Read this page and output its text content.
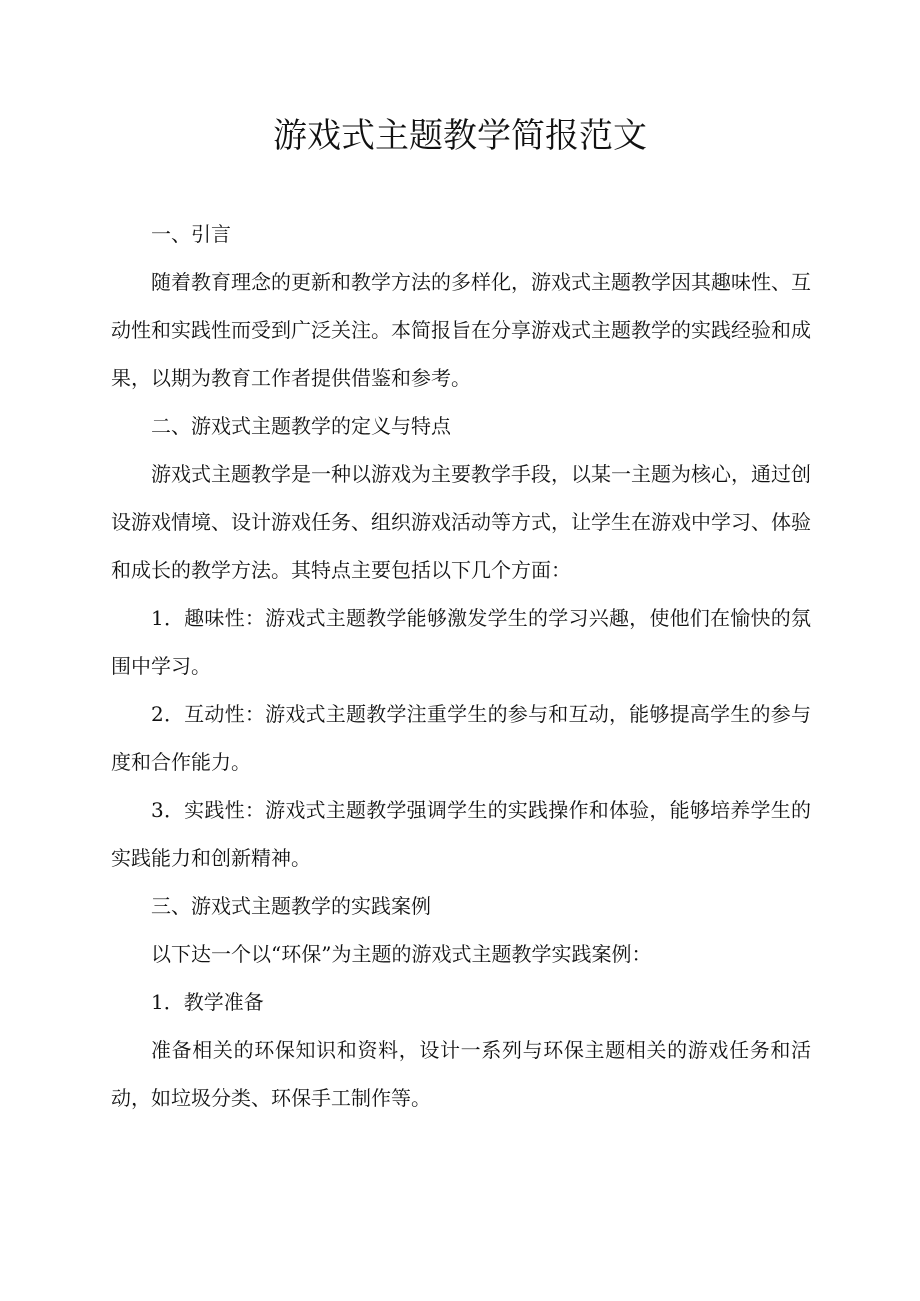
游戏式主题教学简报范文

一、引言

随着教育理念的更新和教学方法的多样化，游戏式主题教学因其趣味性、互动性和实践性而受到广泛关注。本简报旨在分享游戏式主题教学的实践经验和成果，以期为教育工作者提供借鉴和参考。

二、游戏式主题教学的定义与特点

游戏式主题教学是一种以游戏为主要教学手段，以某一主题为核心，通过创设游戏情境、设计游戏任务、组织游戏活动等方式，让学生在游戏中学习、体验和成长的教学方法。其特点主要包括以下几个方面：

1．趣味性：游戏式主题教学能够激发学生的学习兴趣，使他们在愉快的氛围中学习。

2．互动性：游戏式主题教学注重学生的参与和互动，能够提高学生的参与度和合作能力。

3．实践性：游戏式主题教学强调学生的实践操作和体验，能够培养学生的实践能力和创新精神。

三、游戏式主题教学的实践案例

以下达一个以“环保”为主题的游戏式主题教学实践案例：

1．教学准备

准备相关的环保知识和资料，设计一系列与环保主题相关的游戏任务和活动，如垃圾分类、环保手工制作等。
